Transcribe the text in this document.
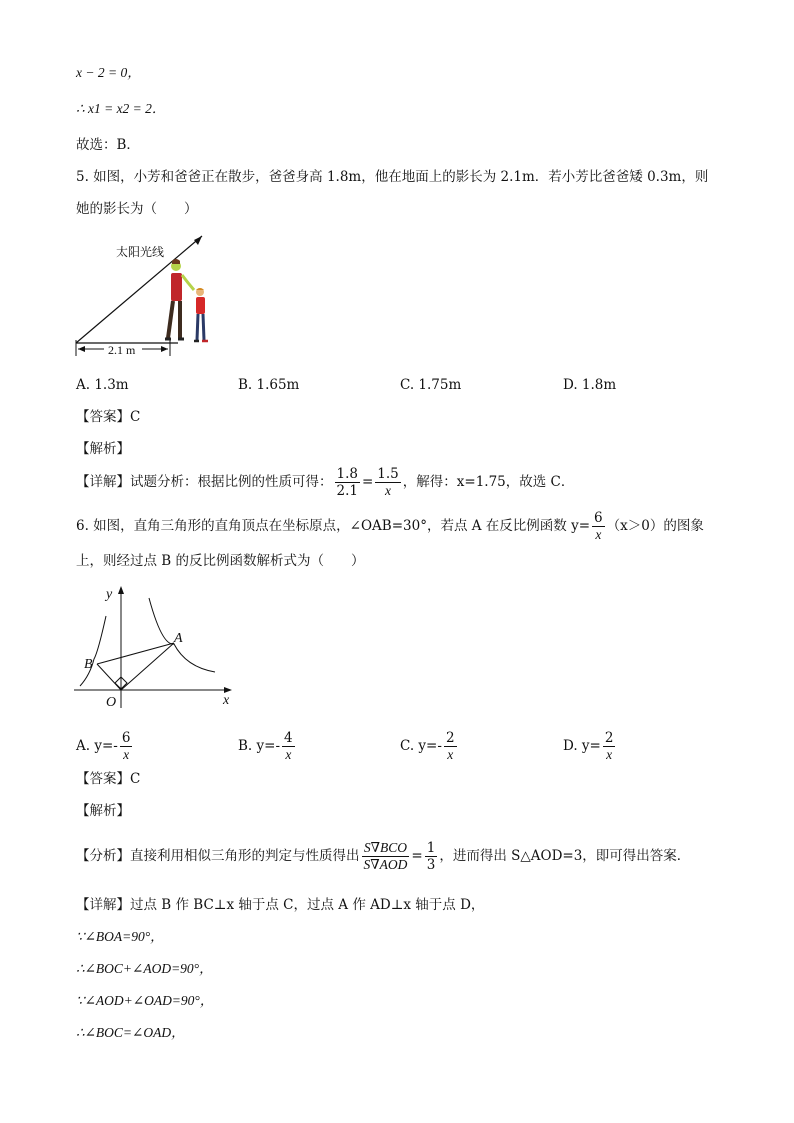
x − 2 = 0，
∴ x1 = x2 = 2．
故选：B．
5. 如图，小芳和爸爸正在散步，爸爸身高 1.8m，他在地面上的影长为 2.1m．若小芳比爸爸矮 0.3m，则
她的影长为（　　）
太阳光线
2.1 m
A. 1.3m	B. 1.65m	C. 1.75m	D. 1.8m
【答案】C
【解析】
【详解】试题分析：根据比例的性质可得： $\frac{1.8}{2.1} = \frac{1.5}{x}$ ，解得：x=1.75，故选 C．
6. 如图，直角三角形的直角顶点在坐标原点，∠OAB=30°，若点 A 在反比例函数 $y= \frac{6}{x} (x>0)$的图象
上，则经过点 B 的反比例函数解析式为（　　）
y
x
O
A
B
A. $y=- \frac{6}{x}$	B. $y=- \frac{4}{x}$	C. $y=- \frac{2}{x}$	D. $y= \frac{2}{x}$
【答案】C
【解析】
【分析】直接利用相似三角形的判定与性质得出 $\frac{\text{S∇BCO}}{\text{S∇AOD}} = \frac{1}{3}$ ，进而得出 S△AOD=3，即可得出答案．
【详解】过点 B 作 BC⊥x 轴于点 C，过点 A 作 AD⊥x 轴于点 D，
∵∠BOA=90°，
∴∠BOC+∠AOD=90°，
∵∠AOD+∠OAD=90°，
∴∠BOC=∠OAD，
